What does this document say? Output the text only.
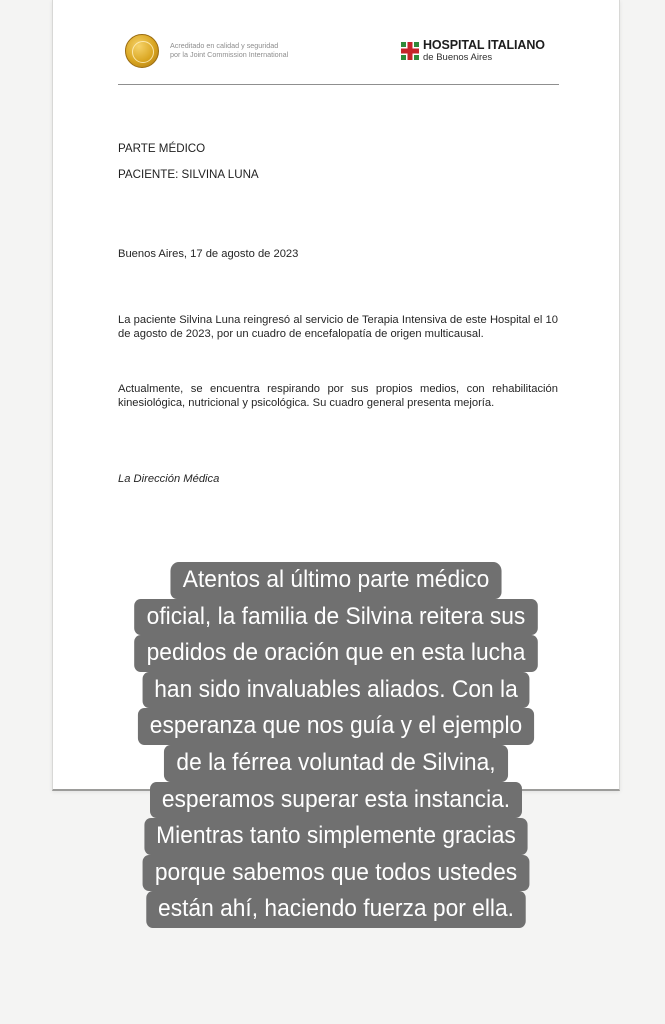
Acreditado en calidad y seguridad
por la Joint Commission International
HOSPITAL ITALIANO
de Buenos Aires
PARTE MÉDICO
PACIENTE: SILVINA LUNA
Buenos Aires, 17 de agosto de 2023
La paciente Silvina Luna reingresó al servicio de Terapia Intensiva de este Hospital el 10 de agosto de 2023, por un cuadro de encefalopatía de origen multicausal.
Actualmente, se encuentra respirando por sus propios medios, con rehabilitación kinesiológica, nutricional y psicológica. Su cuadro general presenta mejoría.
La Dirección Médica
Atentos al último parte médico
oficial, la familia de Silvina reitera sus
pedidos de oración que en esta lucha
han sido invaluables aliados. Con la
esperanza que nos guía y el ejemplo
de la férrea voluntad de Silvina,
esperamos superar esta instancia.
Mientras tanto simplemente gracias
porque sabemos que todos ustedes
están ahí, haciendo fuerza por ella.
